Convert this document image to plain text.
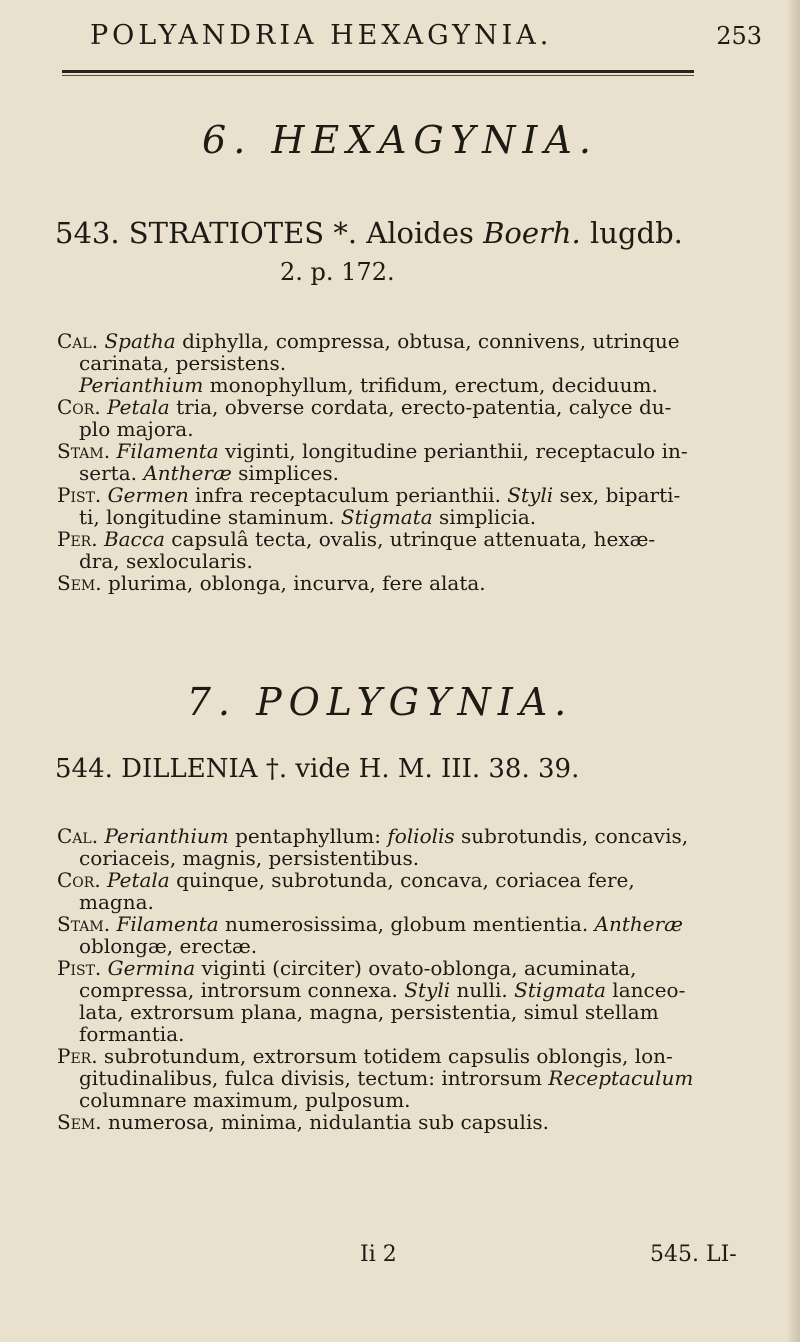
POLYANDRIA HEXAGYNIA.	253
6. HEXAGYNIA.
543. STRATIOTES *. Aloides Boerh. lugdb.
2. p. 172.
Cal. Spatha diphylla, compressa, obtusa, connivens, utrinque
carinata, persistens.
Perianthium monophyllum, trifidum, erectum, deciduum.
Cor. Petala tria, obverse cordata, erecto-patentia, calyce du-
plo majora.
Stam. Filamenta viginti, longitudine perianthii, receptaculo in-
serta. Antheræ simplices.
Pist. Germen infra receptaculum perianthii. Styli sex, biparti-
ti, longitudine staminum. Stigmata simplicia.
Per. Bacca capsulâ tecta, ovalis, utrinque attenuata, hexæ-
dra, sexlocularis.
Sem. plurima, oblonga, incurva, fere alata.
7. POLYGYNIA.
544. DILLENIA †. vide H. M. III. 38. 39.
Cal. Perianthium pentaphyllum: foliolis subrotundis, concavis,
coriaceis, magnis, persistentibus.
Cor. Petala quinque, subrotunda, concava, coriacea fere,
magna.
Stam. Filamenta numerosissima, globum mentientia. Antheræ
oblongæ, erectæ.
Pist. Germina viginti (circiter) ovato-oblonga, acuminata,
compressa, introrsum connexa. Styli nulli. Stigmata lanceo-
lata, extrorsum plana, magna, persistentia, simul stellam
formantia.
Per. subrotundum, extrorsum totidem capsulis oblongis, lon-
gitudinalibus, fulca divisis, tectum: introrsum Receptaculum
columnare maximum, pulposum.
Sem. numerosa, minima, nidulantia sub capsulis.
Ii 2	545. LI-
